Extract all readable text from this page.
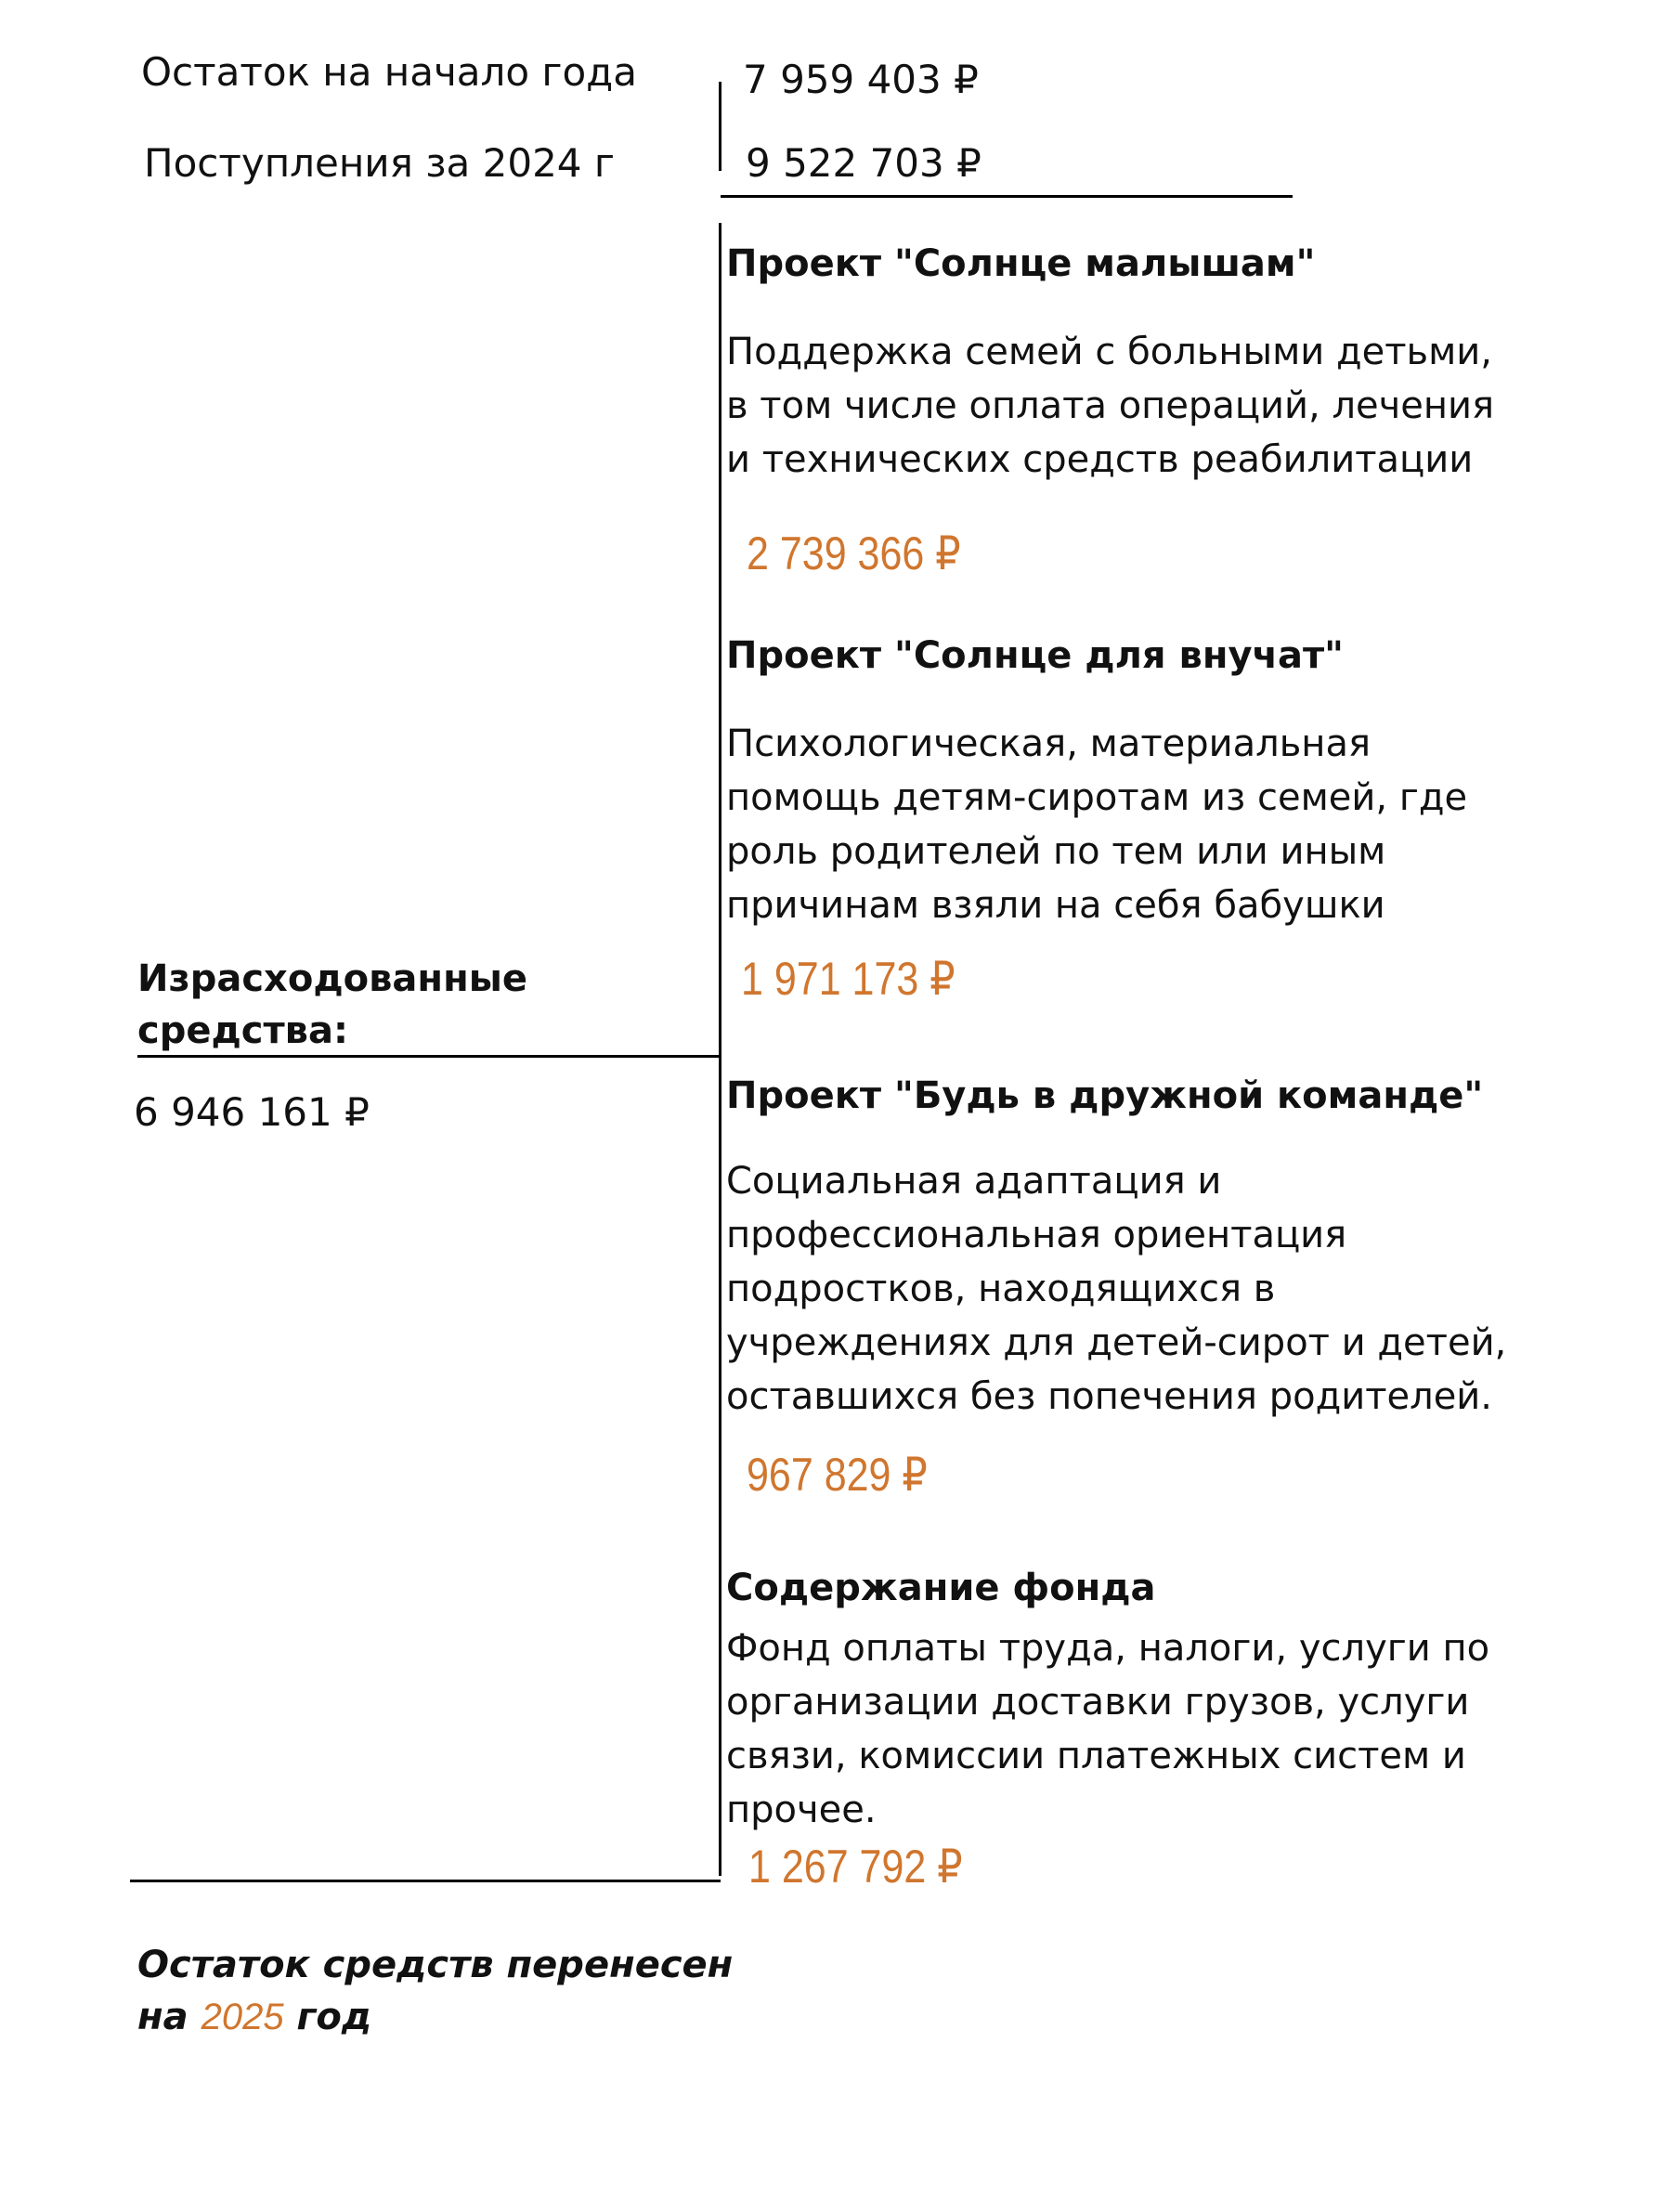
Остаток на начало года	7 959 403 ₽
Поступления за 2024 г	9 522 703 ₽
Израсходованные
средства:
6 946 161 ₽
Проект "Солнце малышам"
Поддержка семей с больными детьми,
в том числе оплата операций, лечения
и технических средств реабилитации
2 739 366 ₽
Проект "Солнце для внучат"
Психологическая, материальная
помощь детям-сиротам из семей, где
роль родителей по тем или иным
причинам взяли на себя бабушки
1 971 173 ₽
Проект "Будь в дружной команде"
Социальная адаптация и
профессиональная ориентация
подростков, находящихся в
учреждениях для детей-сирот и детей,
оставшихся без попечения родителей.
967 829 ₽
Содержание фонда
Фонд оплаты труда, налоги, услуги по
организации доставки грузов, услуги
связи, комиссии платежных систем и
прочее.
1 267 792 ₽
Остаток средств перенесен
на 2025 год
